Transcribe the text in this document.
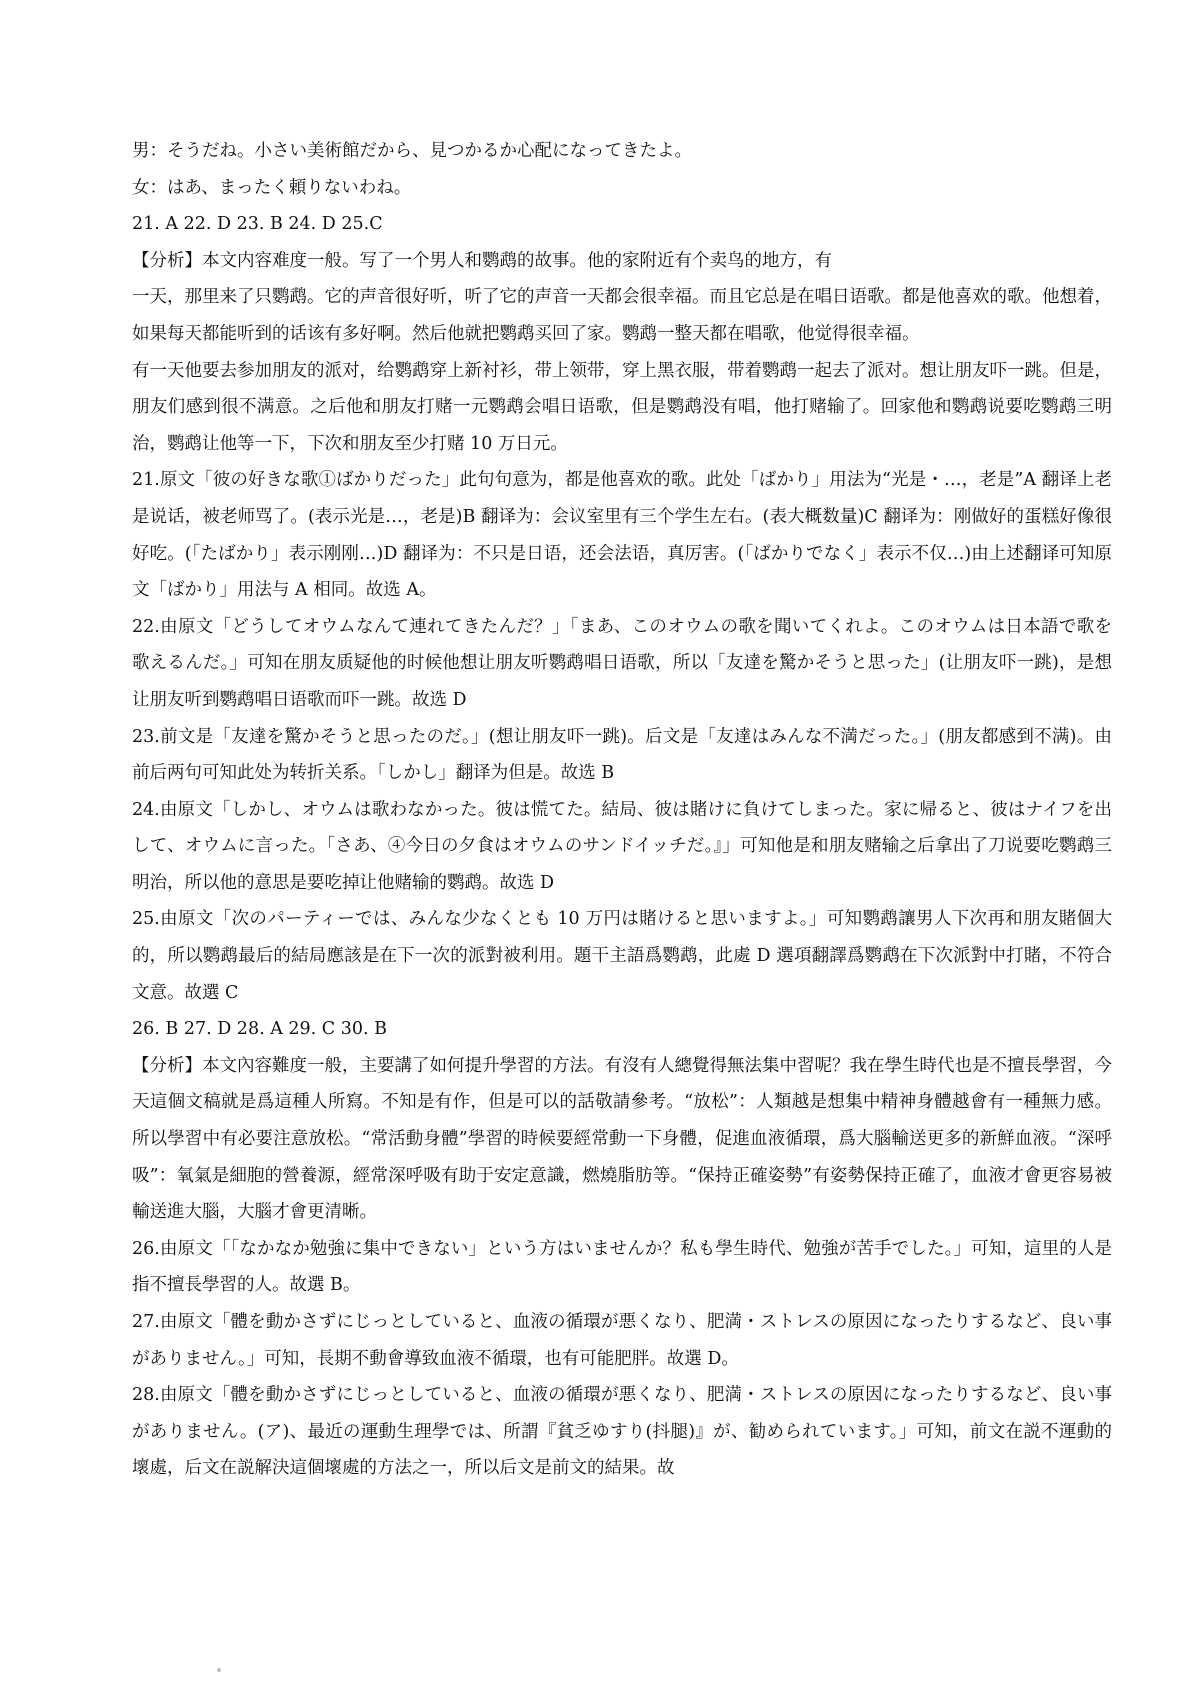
男：そうだね。小さい美術館だから、見つかるか心配になってきたよ。

女：はあ、まったく頼りないわね。

21. A 22. D 23. B 24. D 25.C

【分析】本文内容难度一般。写了一个男人和鹦鹉的故事。他的家附近有个卖鸟的地方，有

一天，那里来了只鹦鹉。它的声音很好听，听了它的声音一天都会很幸福。而且它总是在唱日语歌。都是他喜欢的歌。他想着，如果每天都能听到的话该有多好啊。然后他就把鹦鹉买回了家。鹦鹉一整天都在唱歌，他觉得很幸福。

有一天他要去参加朋友的派对，给鹦鹉穿上新衬衫，带上领带，穿上黑衣服，带着鹦鹉一起去了派对。想让朋友吓一跳。但是，朋友们感到很不满意。之后他和朋友打赌一元鹦鹉会唱日语歌，但是鹦鹉没有唱，他打赌输了。回家他和鹦鹉说要吃鹦鹉三明治，鹦鹉让他等一下，下次和朋友至少打赌 10 万日元。

21.原文「彼の好きな歌①ばかりだった」此句句意为，都是他喜欢的歌。此处「ばかり」用法为“光是・…，老是”A 翻译上老是说话，被老师骂了。(表示光是…，老是)B 翻译为：会议室里有三个学生左右。(表大概数量)C 翻译为：刚做好的蛋糕好像很好吃。(「たばかり」表示刚刚…)D 翻译为：不只是日语，还会法语，真厉害。(「ばかりでなく」表示不仅…)由上述翻译可知原文「ばかり」用法与 A 相同。故选 A。

22.由原文「どうしてオウムなんて連れてきたんだ？」「まあ、このオウムの歌を聞いてくれよ。このオウムは日本語で歌を歌えるんだ。」可知在朋友质疑他的时候他想让朋友听鹦鹉唱日语歌，所以「友達を驚かそうと思った」(让朋友吓一跳)，是想让朋友听到鹦鹉唱日语歌而吓一跳。故选 D

23.前文是「友達を驚かそうと思ったのだ。」(想让朋友吓一跳)。后文是「友達はみんな不満だった。」(朋友都感到不满)。由前后两句可知此处为转折关系。「しかし」翻译为但是。故选 B

24.由原文「しかし、オウムは歌わなかった。彼は慌てた。結局、彼は賭けに負けてしまった。家に帰ると、彼はナイフを出して、オウムに言った。「さあ、④今日の夕食はオウムのサンドイッチだ。』」可知他是和朋友赌输之后拿出了刀说要吃鹦鹉三明治，所以他的意思是要吃掉让他赌输的鹦鹉。故选 D

25.由原文「次のパーティーでは、みんな少なくとも 10 万円は賭けると思いますよ。」可知鹦鹉讓男人下次再和朋友賭個大的，所以鹦鹉最后的結局應該是在下一次的派對被利用。題干主語爲鹦鹉，此處 D 選項翻譯爲鹦鹉在下次派對中打賭，不符合文意。故選 C

26. B 27. D 28. A 29. C 30. B

【分析】本文內容難度一般，主要講了如何提升學習的方法。有沒有人總覺得無法集中習呢？我在學生時代也是不擅長學習，今天這個文稿就是爲這種人所寫。不知是有作，但是可以的話敬請參考。“放松”：人類越是想集中精神身體越會有一種無力感。所以學習中有必要注意放松。“常活動身體”學習的時候要經常動一下身體，促進血液循環，爲大腦輸送更多的新鮮血液。“深呼吸”：氧氣是細胞的營養源，經常深呼吸有助于安定意識，燃燒脂肪等。“保持正確姿勢”有姿勢保持正確了，血液才會更容易被輸送進大腦，大腦才會更清晰。

26.由原文「「なかなか勉強に集中できない」という方はいませんか？私も學生時代、勉強が苦手でした。」可知，這里的人是指不擅長學習的人。故選 B。

27.由原文「體を動かさずにじっとしていると、血液の循環が悪くなり、肥満・ストレスの原因になったりするなど、良い事がありません。」可知，長期不動會導致血液不循環，也有可能肥胖。故選 D。

28.由原文「體を動かさずにじっとしていると、血液の循環が悪くなり、肥満・ストレスの原因になったりするなど、良い事がありません。(ア)、最近の運動生理學では、所謂『貧乏ゆすり(抖腿)』が、勧められています。」可知，前文在説不運動的壞處，后文在説解決這個壞處的方法之一，所以后文是前文的結果。故
